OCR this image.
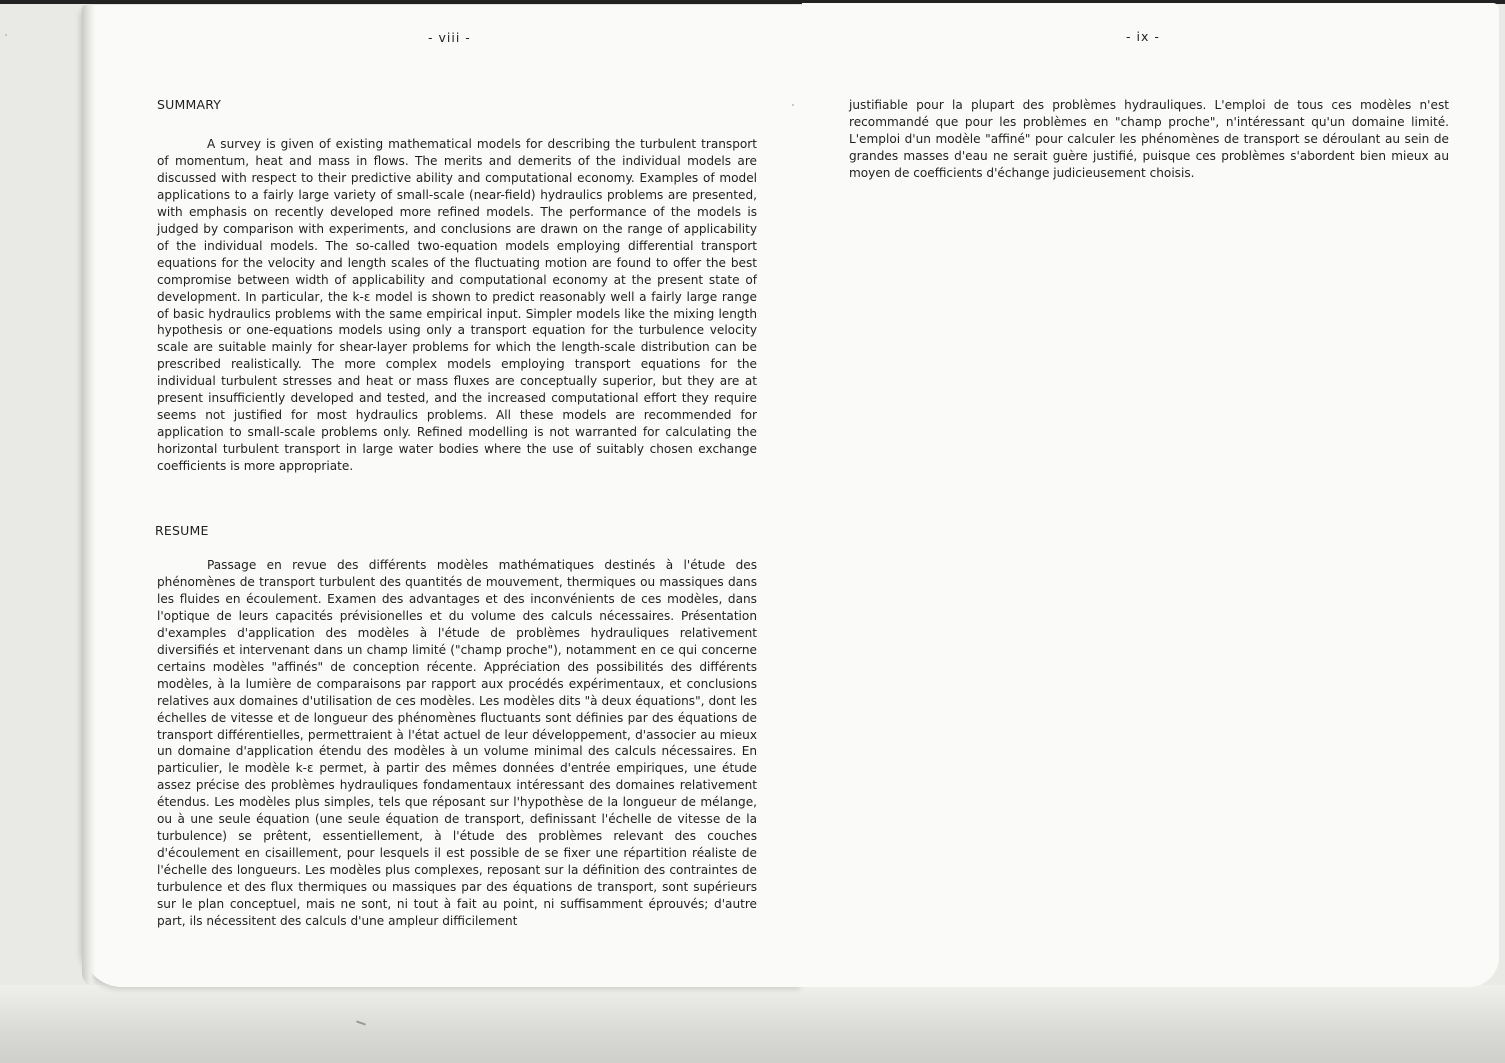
- viii -	- ix -

SUMMARY

A survey is given of existing mathematical models for describing the turbulent transport of momentum, heat and mass in flows. The merits and demerits of the individual models are discussed with respect to their predictive ability and computational economy. Examples of model applications to a fairly large variety of small-scale (near-field) hydraulics problems are presented, with emphasis on recently developed more refined models. The performance of the models is judged by comparison with experiments, and conclusions are drawn on the range of applicability of the individual models. The so-called two-equation models employing differential transport equations for the velocity and length scales of the fluctuating motion are found to offer the best compromise between width of applicability and computational economy at the present state of development. In particular, the k-ε model is shown to predict reasonably well a fairly large range of basic hydraulics problems with the same empirical input. Simpler models like the mixing length hypothesis or one-equations models using only a transport equation for the turbulence velocity scale are suitable mainly for shear-layer problems for which the length-scale distribution can be prescribed realistically. The more complex models employing transport equations for the individual turbulent stresses and heat or mass fluxes are conceptually superior, but they are at present insufficiently developed and tested, and the increased computational effort they require seems not justified for most hydraulics problems. All these models are recommended for application to small-scale problems only. Refined modelling is not warranted for calculating the horizontal turbulent transport in large water bodies where the use of suitably chosen exchange coefficients is more appropriate.

RESUME

Passage en revue des différents modèles mathématiques destinés à l'étude des phénomènes de transport turbulent des quantités de mouvement, thermiques ou massiques dans les fluides en écoulement. Examen des advantages et des inconvénients de ces modèles, dans l'optique de leurs capacités prévisionelles et du volume des calculs nécessaires. Présentation d'examples d'application des modèles à l'étude de problèmes hydrauliques relativement diversifiés et intervenant dans un champ limité ("champ proche"), notamment en ce qui concerne certains modèles "affinés" de conception récente. Appréciation des possibilités des différents modèles, à la lumière de comparaisons par rapport aux procédés expérimentaux, et conclusions relatives aux domaines d'utilisation de ces modèles. Les modèles dits "à deux équations", dont les échelles de vitesse et de longueur des phénomènes fluctuants sont définies par des équations de transport différentielles, permettraient à l'état actuel de leur développement, d'associer au mieux un domaine d'application étendu des modèles à un volume minimal des calculs nécessaires. En particulier, le modèle k-ε permet, à partir des mêmes données d'entrée empiriques, une étude assez précise des problèmes hydrauliques fondamentaux intéressant des domaines relativement étendus. Les modèles plus simples, tels que réposant sur l'hypothèse de la longueur de mélange, ou à une seule équation (une seule équation de transport, definissant l'échelle de vitesse de la turbulence) se prêtent, essentiellement, à l'étude des problèmes relevant des couches d'écoulement en cisaillement, pour lesquels il est possible de se fixer une répartition réaliste de l'échelle des longueurs. Les modèles plus complexes, reposant sur la définition des contraintes de turbulence et des flux thermiques ou massiques par des équations de transport, sont supérieurs sur le plan conceptuel, mais ne sont, ni tout à fait au point, ni suffisamment éprouvés; d'autre part, ils nécessitent des calculs d'une ampleur difficilement

justifiable pour la plupart des problèmes hydrauliques. L'emploi de tous ces modèles n'est recommandé que pour les problèmes en "champ proche", n'intéressant qu'un domaine limité. L'emploi d'un modèle "affiné" pour calculer les phénomènes de transport se déroulant au sein de grandes masses d'eau ne serait guère justifié, puisque ces problèmes s'abordent bien mieux au moyen de coefficients d'échange judicieusement choisis.
